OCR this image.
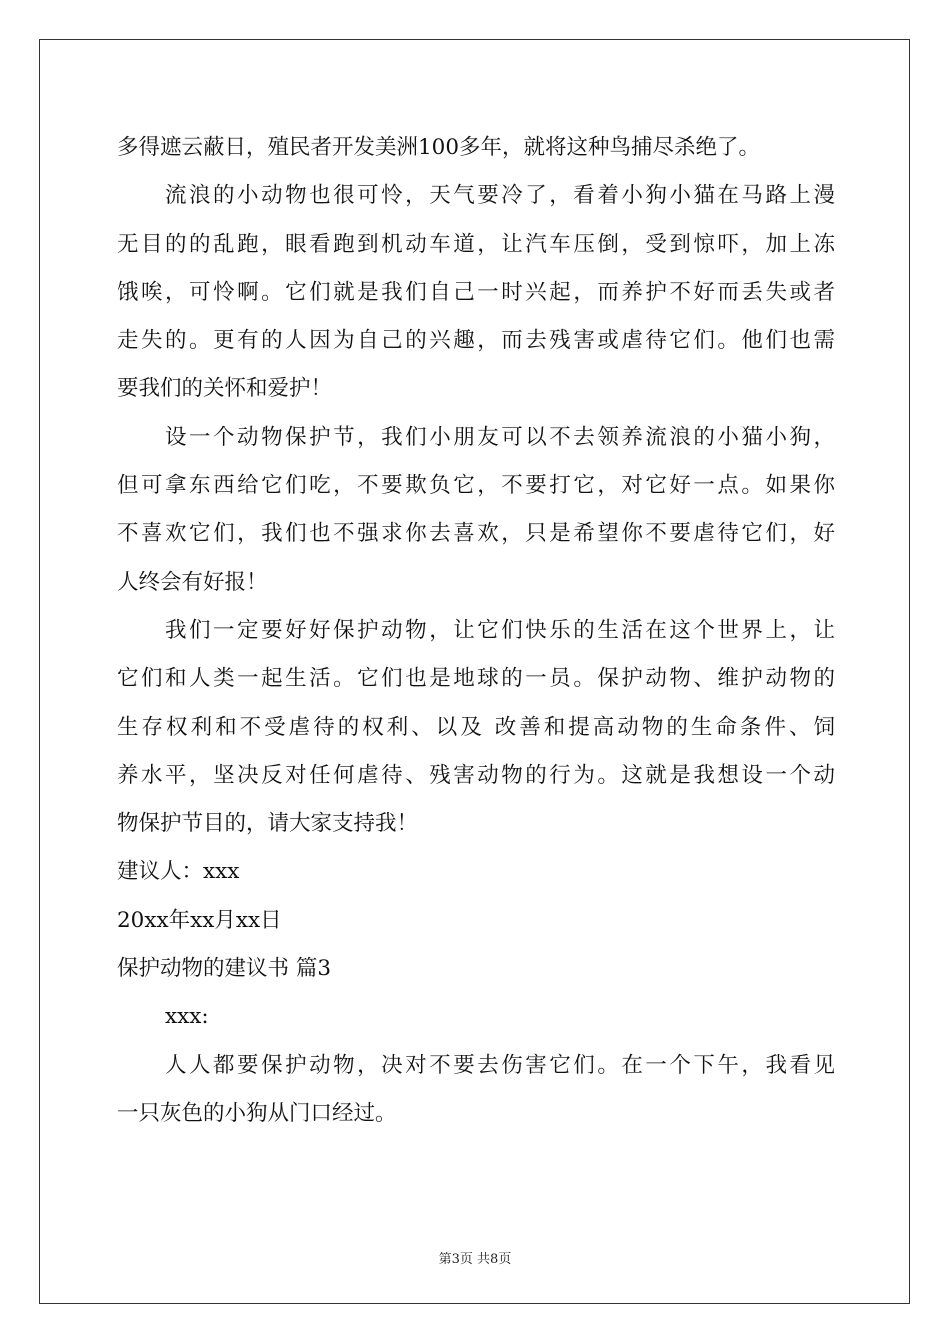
多得遮云蔽日，殖民者开发美洲100多年，就将这种鸟捕尽杀绝了。
流浪的小动物也很可怜，天气要冷了，看着小狗小猫在马路上漫
无目的的乱跑，眼看跑到机动车道，让汽车压倒，受到惊吓，加上冻
饿唉，可怜啊。它们就是我们自己一时兴起，而养护不好而丢失或者
走失的。更有的人因为自己的兴趣，而去残害或虐待它们。他们也需
要我们的关怀和爱护！
设一个动物保护节，我们小朋友可以不去领养流浪的小猫小狗，
但可拿东西给它们吃，不要欺负它，不要打它，对它好一点。如果你
不喜欢它们，我们也不强求你去喜欢，只是希望你不要虐待它们，好
人终会有好报！
我们一定要好好保护动物，让它们快乐的生活在这个世界上，让
它们和人类一起生活。它们也是地球的一员。保护动物、维护动物的
生存权利和不受虐待的权利、以及 改善和提高动物的生命条件、饲
养水平，坚决反对任何虐待、残害动物的行为。这就是我想设一个动
物保护节目的，请大家支持我！
建议人：xxx
20xx年xx月xx日
保护动物的建议书 篇3
xxx:
人人都要保护动物，决对不要去伤害它们。在一个下午，我看见
一只灰色的小狗从门口经过。
第3页 共8页
